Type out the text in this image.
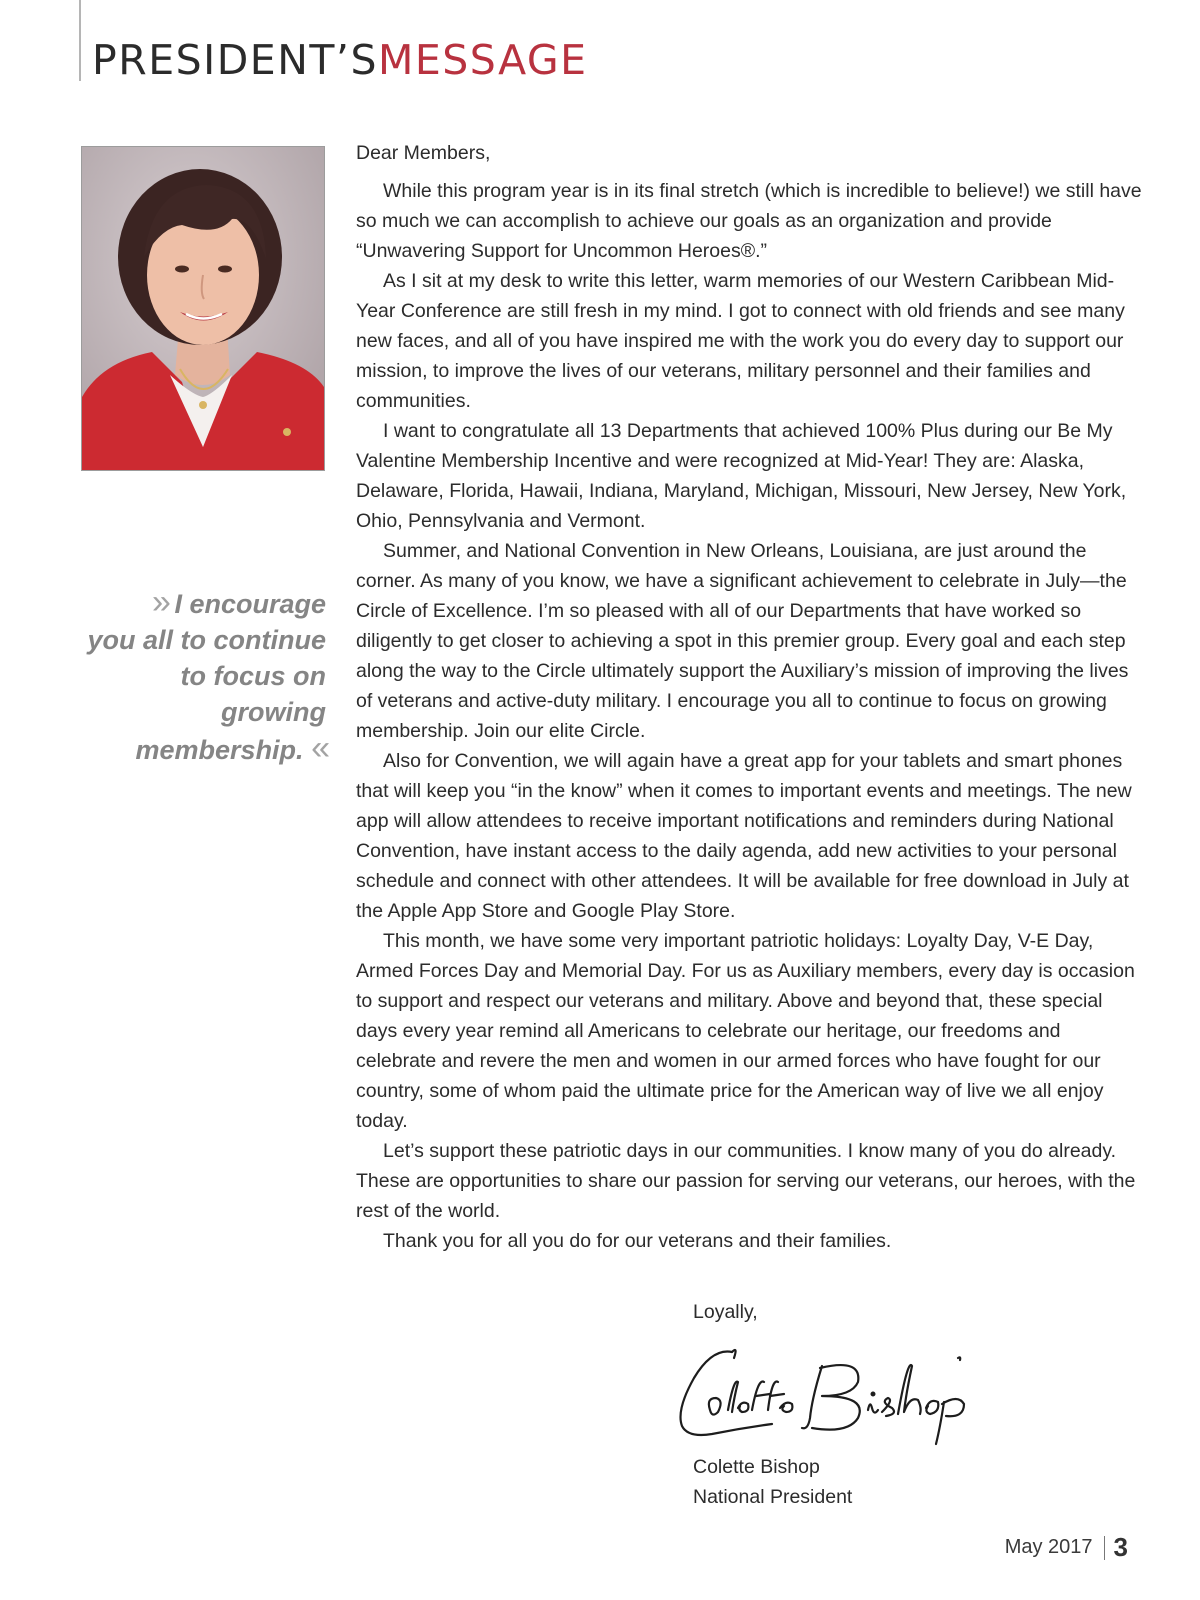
PRESIDENT’SMESSAGE
» I encourage
you all to continue
to focus on growing
membership. «

Dear Members,

While this program year is in its final stretch (which is incredible to believe!) we still have so much we can accomplish to achieve our goals as an organization and provide “Unwavering Support for Uncommon Heroes®.”

As I sit at my desk to write this letter, warm memories of our Western Caribbean Mid-Year Conference are still fresh in my mind. I got to connect with old friends and see many new faces, and all of you have inspired me with the work you do every day to support our mission, to improve the lives of our veterans, military personnel and their families and communities.

I want to congratulate all 13 Departments that achieved 100% Plus during our Be My Valentine Membership Incentive and were recognized at Mid-Year! They are: Alaska, Delaware, Florida, Hawaii, Indiana, Maryland, Michigan, Missouri, New Jersey, New York, Ohio, Pennsylvania and Vermont.

Summer, and National Convention in New Orleans, Louisiana, are just around the corner. As many of you know, we have a significant achievement to celebrate in July—the Circle of Excellence. I’m so pleased with all of our Departments that have worked so diligently to get closer to achieving a spot in this premier group. Every goal and each step along the way to the Circle ultimately support the Auxiliary’s mission of improving the lives of veterans and active-duty military. I encourage you all to continue to focus on growing membership. Join our elite Circle.

Also for Convention, we will again have a great app for your tablets and smart phones that will keep you “in the know” when it comes to important events and meetings. The new app will allow attendees to receive important notifications and reminders during National Convention, have instant access to the daily agenda, add new activities to your personal schedule and connect with other attendees. It will be available for free download in July at the Apple App Store and Google Play Store.

This month, we have some very important patriotic holidays: Loyalty Day, V-E Day, Armed Forces Day and Memorial Day. For us as Auxiliary members, every day is occasion to support and respect our veterans and military. Above and beyond that, these special days every year remind all Americans to celebrate our heritage, our freedoms and celebrate and revere the men and women in our armed forces who have fought for our country, some of whom paid the ultimate price for the American way of live we all enjoy today.

Let’s support these patriotic days in our communities. I know many of you do already. These are opportunities to share our passion for serving our veterans, our heroes, with the rest of the world.

Thank you for all you do for our veterans and their families.

Loyally,
Colette Bishop
National President
May 2017 3
